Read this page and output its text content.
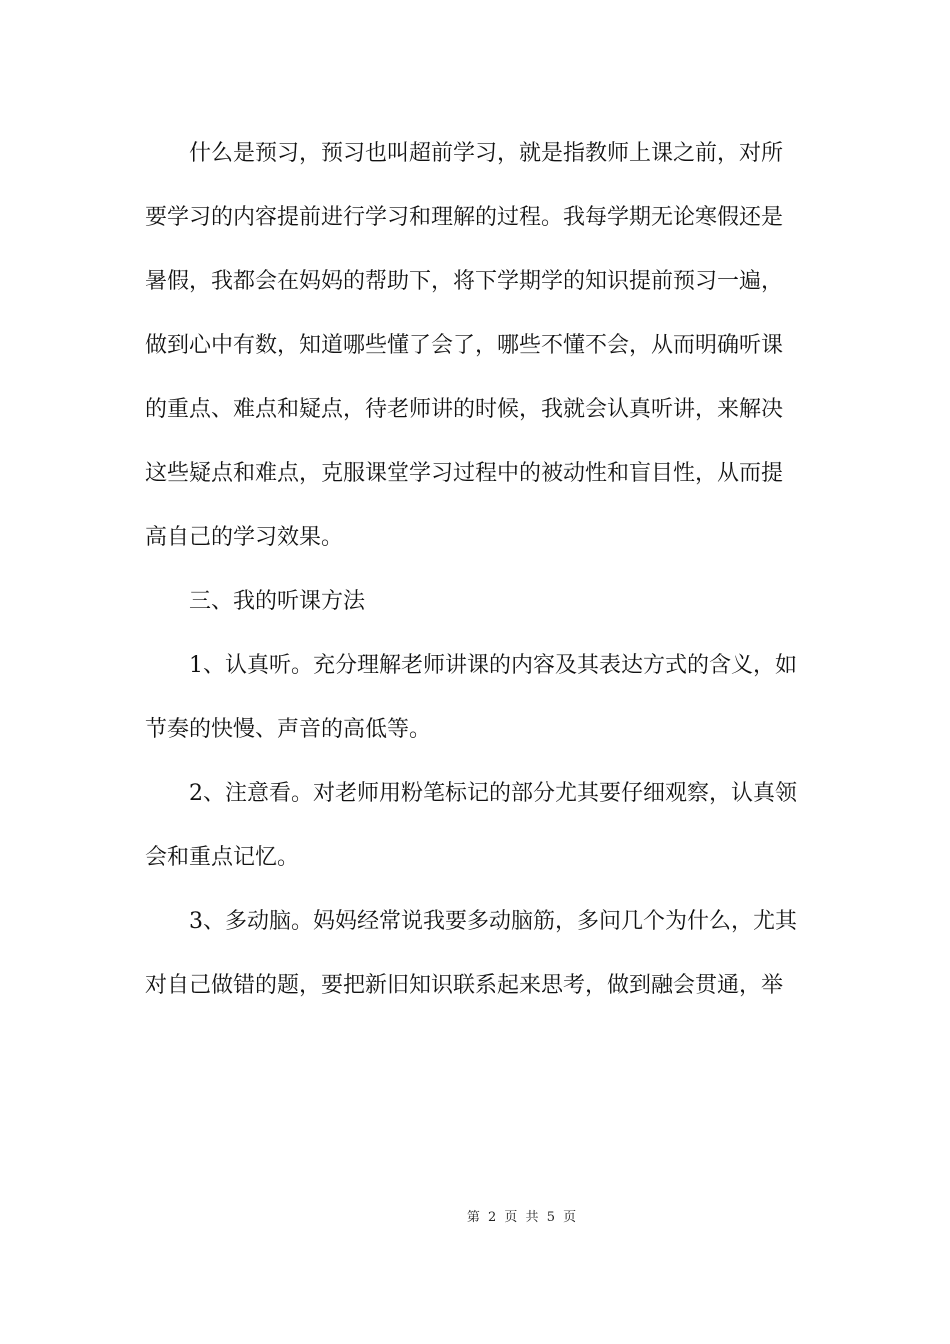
什么是预习，预习也叫超前学习，就是指教师上课之前，对所
要学习的内容提前进行学习和理解的过程。我每学期无论寒假还是
暑假，我都会在妈妈的帮助下，将下学期学的知识提前预习一遍，
做到心中有数，知道哪些懂了会了，哪些不懂不会，从而明确听课
的重点、难点和疑点，待老师讲的时候，我就会认真听讲，来解决
这些疑点和难点，克服课堂学习过程中的被动性和盲目性，从而提
高自己的学习效果。
三、我的听课方法
1、认真听。充分理解老师讲课的内容及其表达方式的含义，如
节奏的快慢、声音的高低等。
2、注意看。对老师用粉笔标记的部分尤其要仔细观察，认真领
会和重点记忆。
3、多动脑。妈妈经常说我要多动脑筋，多问几个为什么，尤其
对自己做错的题，要把新旧知识联系起来思考，做到融会贯通，举
第 2 页 共 5 页
